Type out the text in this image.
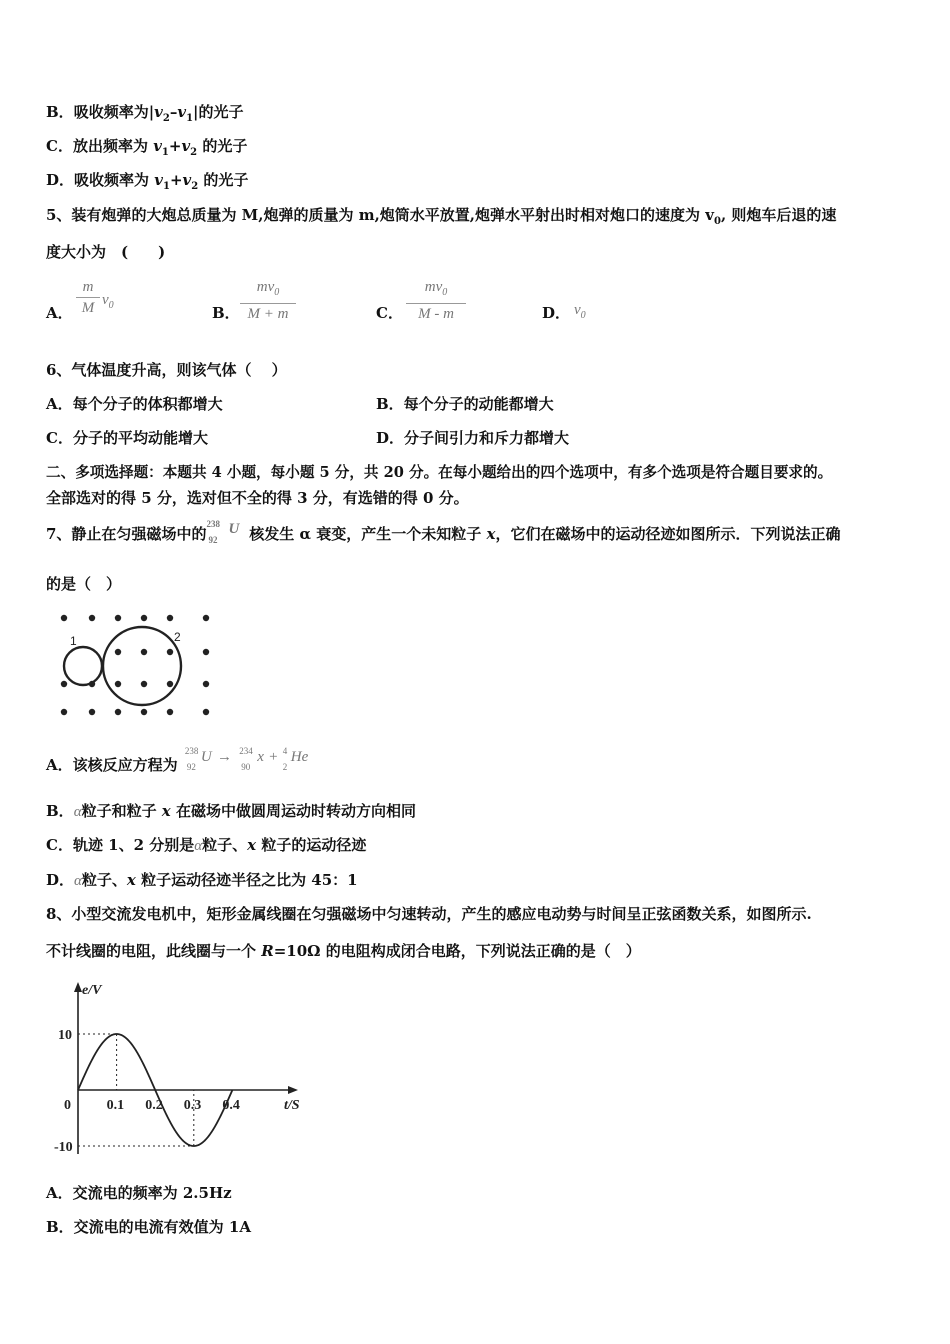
B．吸收频率为$|v_2-v_1|$的光子
C．放出频率为 $v_1+v_2$ 的光子
D．吸收频率为 $v_1+v_2$ 的光子
5、装有炮弹的大炮总质量为 M,炮弹的质量为 m,炮筒水平放置,炮弹水平射出时相对炮口的速度为 $v_0$, 则炮车后退的速
度大小为　(　　)
A．
m
M $v_0$	B．
$mv_0$
M + m	C．
$mv_0$
M - m	D． $v_0$
6、气体温度升高，则该气体（　 ）
A．每个分子的体积都增大	B．每个分子的动能都增大
C．分子的平均动能增大	D．分子间引力和斥力都增大
二、多项选择题：本题共 4 小题，每小题 5 分，共 20 分。在每小题给出的四个选项中，有多个选项是符合题目要求的。
全部选对的得 5 分，选对但不全的得 3 分，有选错的得 0 分。
7、静止在匀强磁场中的
238
92
U 核发生 α 衰变，产生一个未知粒子 x，它们在磁场中的运动径迹如图所示．下列说法正确
的是（　）
1	2
A．该核反应方程为
238
92
U → 234
90
x + 4
2
He
B．α粒子和粒子 x 在磁场中做圆周运动时转动方向相同
C．轨迹 1、2 分别是α粒子、x 粒子的运动径迹
D．α粒子、x 粒子运动径迹半径之比为 45：1
8、小型交流发电机中，矩形金属线圈在匀强磁场中匀速转动，产生的感应电动势与时间呈正弦函数关系，如图所示.
不计线圈的电阻，此线圈与一个 R=10Ω 的电阻构成闭合电路，下列说法正确的是（　）
e/V
t/S
0	0.1 0.2 0.3 0.4
10
-10
A．交流电的频率为 2.5Hz
B．交流电的电流有效值为 1A
